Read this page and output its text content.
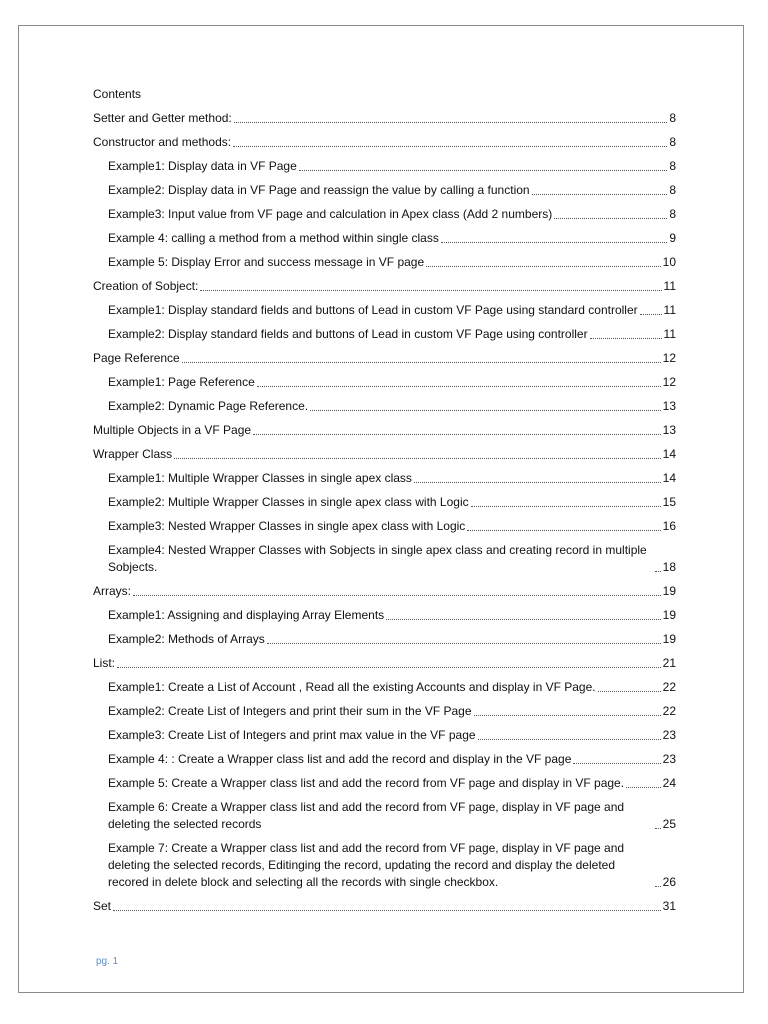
Contents
Setter and Getter method:	8
Constructor and methods:	8
Example1: Display data in VF Page	8
Example2: Display data in VF Page and reassign the value by calling a function	8
Example3: Input value from VF page and calculation in Apex class (Add 2 numbers)	8
Example 4: calling a method from a method within single class	9
Example 5: Display Error and success message in VF page	10
Creation of Sobject:	11
Example1: Display standard fields and buttons of Lead in custom VF Page using standard controller 11
Example2: Display standard fields and buttons of Lead in custom VF Page using controller	11
Page Reference	12
Example1: Page Reference	12
Example2: Dynamic Page Reference.	13
Multiple Objects in a VF Page	13
Wrapper Class	14
Example1: Multiple Wrapper Classes in single apex class	14
Example2: Multiple Wrapper Classes in single apex class with Logic	15
Example3: Nested Wrapper Classes in single apex class with Logic	16
Example4: Nested Wrapper Classes with Sobjects in single apex class and creating record in multiple Sobjects.	18
Arrays:	19
Example1: Assigning and displaying Array Elements	19
Example2: Methods of Arrays	19
List:	21
Example1: Create a List of Account , Read all the existing Accounts and display in VF Page.	22
Example2: Create List of Integers and print their sum in the VF Page	22
Example3: Create List of Integers and print max value in the VF page	23
Example 4: : Create a Wrapper class list and add the record and display in the VF page	23
Example 5: Create a Wrapper class list and add the record from VF page and display in VF page.	24
Example 6: Create a Wrapper class list and add the record from VF page, display in VF page and deleting the selected records	25
Example 7: Create a Wrapper class list and add the record from VF page, display in VF page and deleting the selected records, Editinging the record, updating the record and display the deleted recored in delete block and selecting all the records with single checkbox.	26
Set	31
pg. 1
